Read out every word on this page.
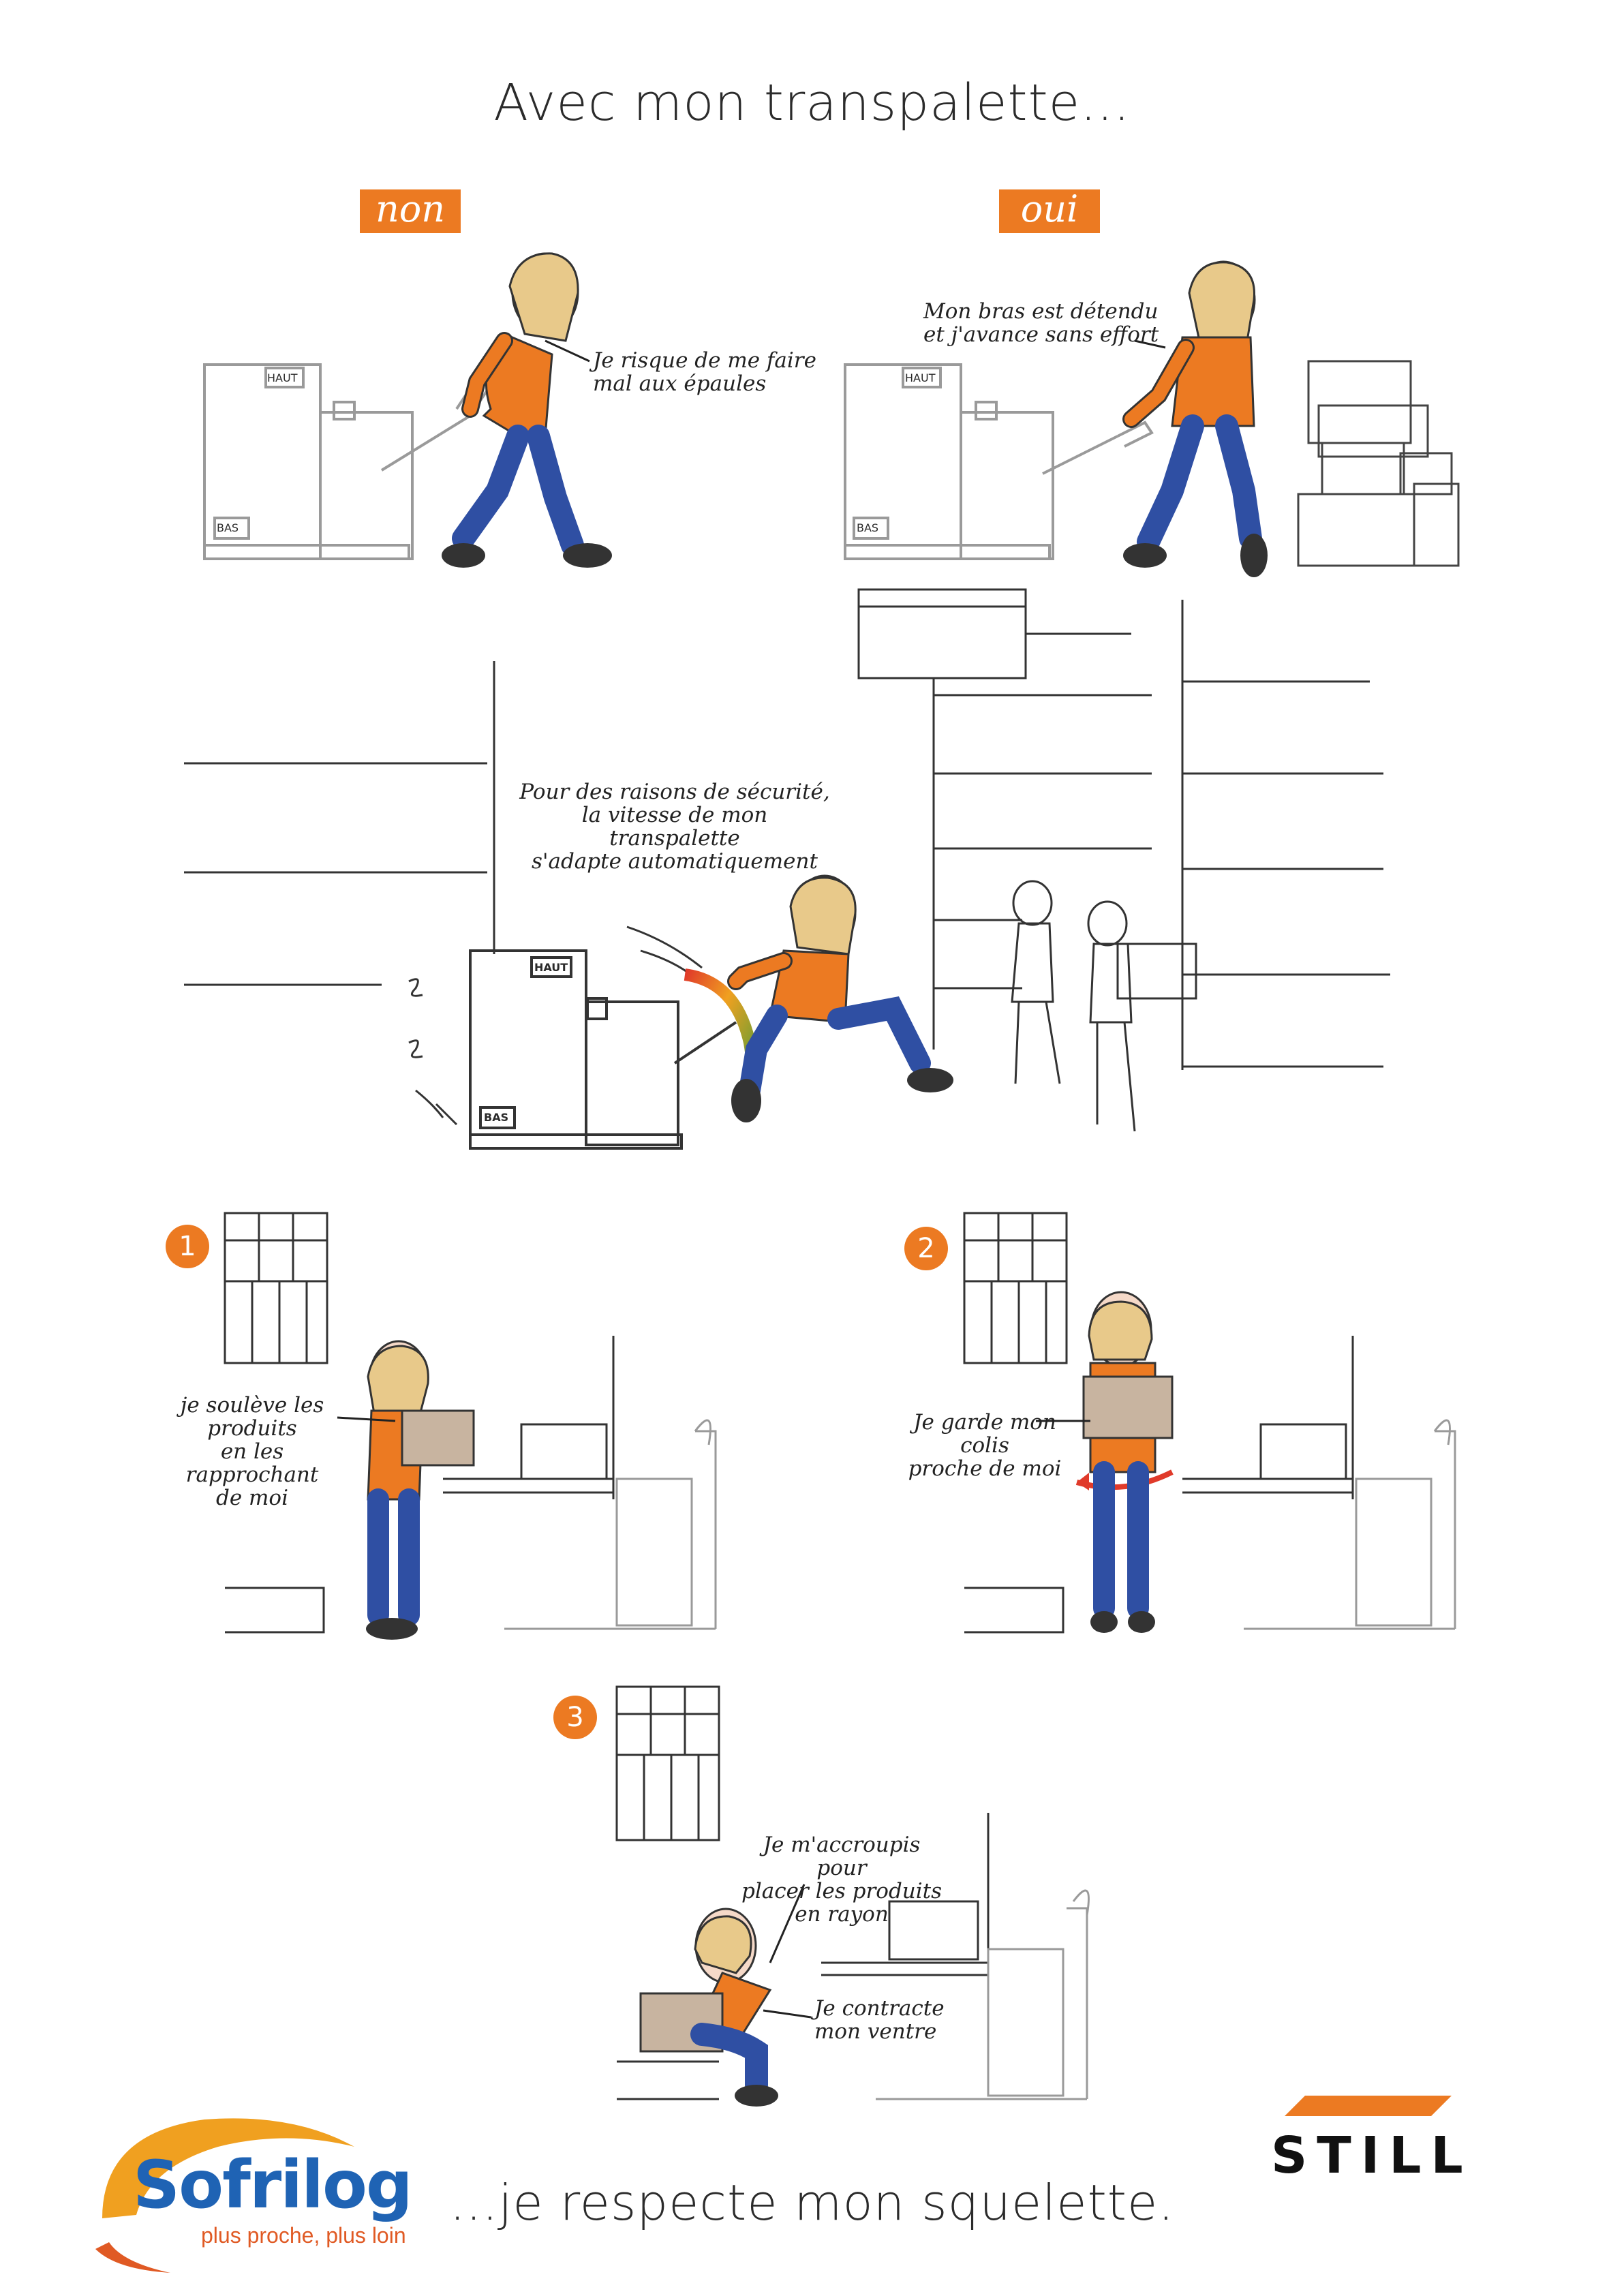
Avec mon transpalette...
non	oui
HAUT
BAS
HAUT
BAS
HAUT
BAS
Je risque de me faire
mal aux épaules
Mon bras est détendu
et j'avance sans effort
Pour des raisons de sécurité,
la vitesse de mon transpalette
s'adapte automatiquement
je soulève les produits
en les rapprochant
de moi
Je garde mon colis
proche de moi
Je m'accroupis pour
placer les produits
en rayon
Je contracte
mon ventre
1	2
3
...je respecte mon squelette.
Sofrilog
plus proche, plus loin
STILL
